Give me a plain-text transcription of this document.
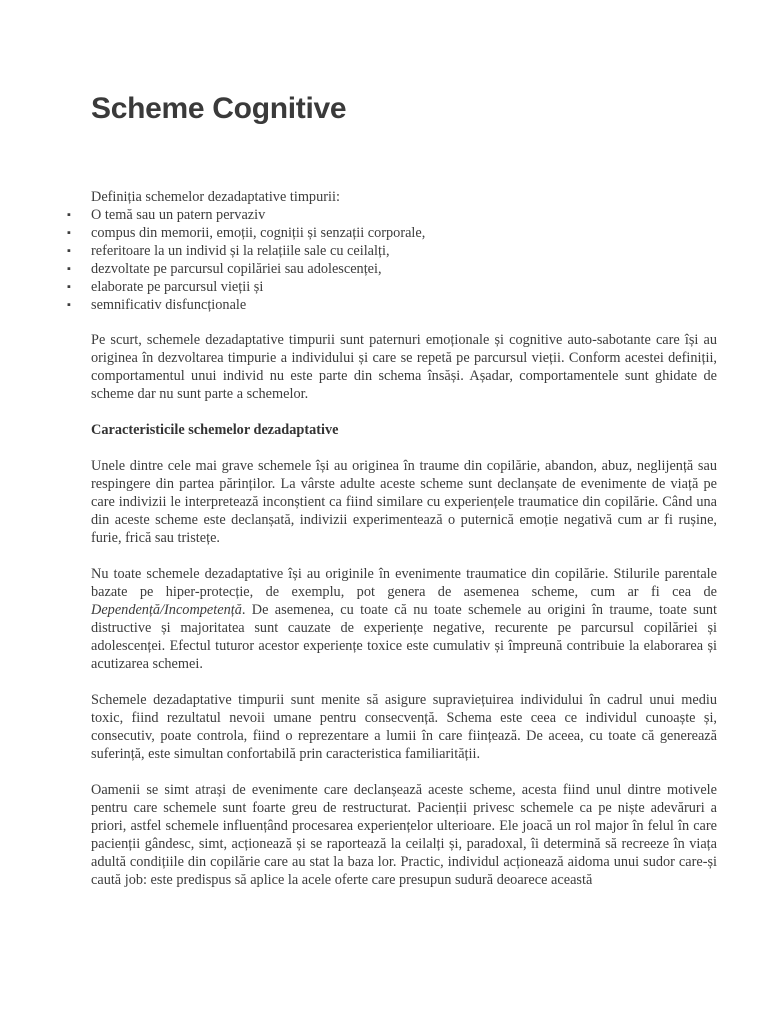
Scheme Cognitive

Definiția schemelor dezadaptative timpurii:

▪ O temă sau un patern pervaziv
▪ compus din memorii, emoții, cogniții și senzații corporale,
▪ referitoare la un individ și la relațiile sale cu ceilalți,
▪ dezvoltate pe parcursul copilăriei sau adolescenței,
▪ elaborate pe parcursul vieții și
▪ semnificativ disfuncționale

Pe scurt, schemele dezadaptative timpurii sunt paternuri emoționale și cognitive auto-sabotante care își au originea în dezvoltarea timpurie a individului și care se repetă pe parcursul vieții. Conform acestei definiții, comportamentul unui individ nu este parte din schema însăși. Așadar, comportamentele sunt ghidate de scheme dar nu sunt parte a schemelor.

Caracteristicile schemelor dezadaptative

Unele dintre cele mai grave schemele își au originea în traume din copilărie, abandon, abuz, neglijență sau respingere din partea părinților. La vârste adulte aceste scheme sunt declanșate de evenimente de viață pe care indivizii le interpretează inconștient ca fiind similare cu experiențele traumatice din copilărie. Când una din aceste scheme este declanșată, indivizii experimentează o puternică emoție negativă cum ar fi rușine, furie, frică sau tristețe.

Nu toate schemele dezadaptative își au originile în evenimente traumatice din copilărie. Stilurile parentale bazate pe hiper-protecție, de exemplu, pot genera de asemenea scheme, cum ar fi cea de Dependență/Incompetență. De asemenea, cu toate că nu toate schemele au origini în traume, toate sunt distructive și majoritatea sunt cauzate de experiențe negative, recurente pe parcursul copilăriei și adolescenței. Efectul tuturor acestor experiențe toxice este cumulativ și împreună contribuie la elaborarea și acutizarea schemei.

Schemele dezadaptative timpurii sunt menite să asigure supraviețuirea individului în cadrul unui mediu toxic, fiind rezultatul nevoii umane pentru consecvență. Schema este ceea ce individul cunoaște și, consecutiv, poate controla, fiind o reprezentare a lumii în care ființează. De aceea, cu toate că generează suferință, este simultan confortabilă prin caracteristica familiarității.

Oamenii se simt atrași de evenimente care declanșează aceste scheme, acesta fiind unul dintre motivele pentru care schemele sunt foarte greu de restructurat. Pacienții privesc schemele ca pe niște adevăruri a priori, astfel schemele influențând procesarea experiențelor ulterioare. Ele joacă un rol major în felul în care pacienții gândesc, simt, acționează și se raportează la ceilalți și, paradoxal, îi determină să recreeze în viața adultă condițiile din copilărie care au stat la baza lor. Practic, individul acționează aidoma unui sudor care-și caută job: este predispus să aplice la acele oferte care presupun sudură deoarece această
